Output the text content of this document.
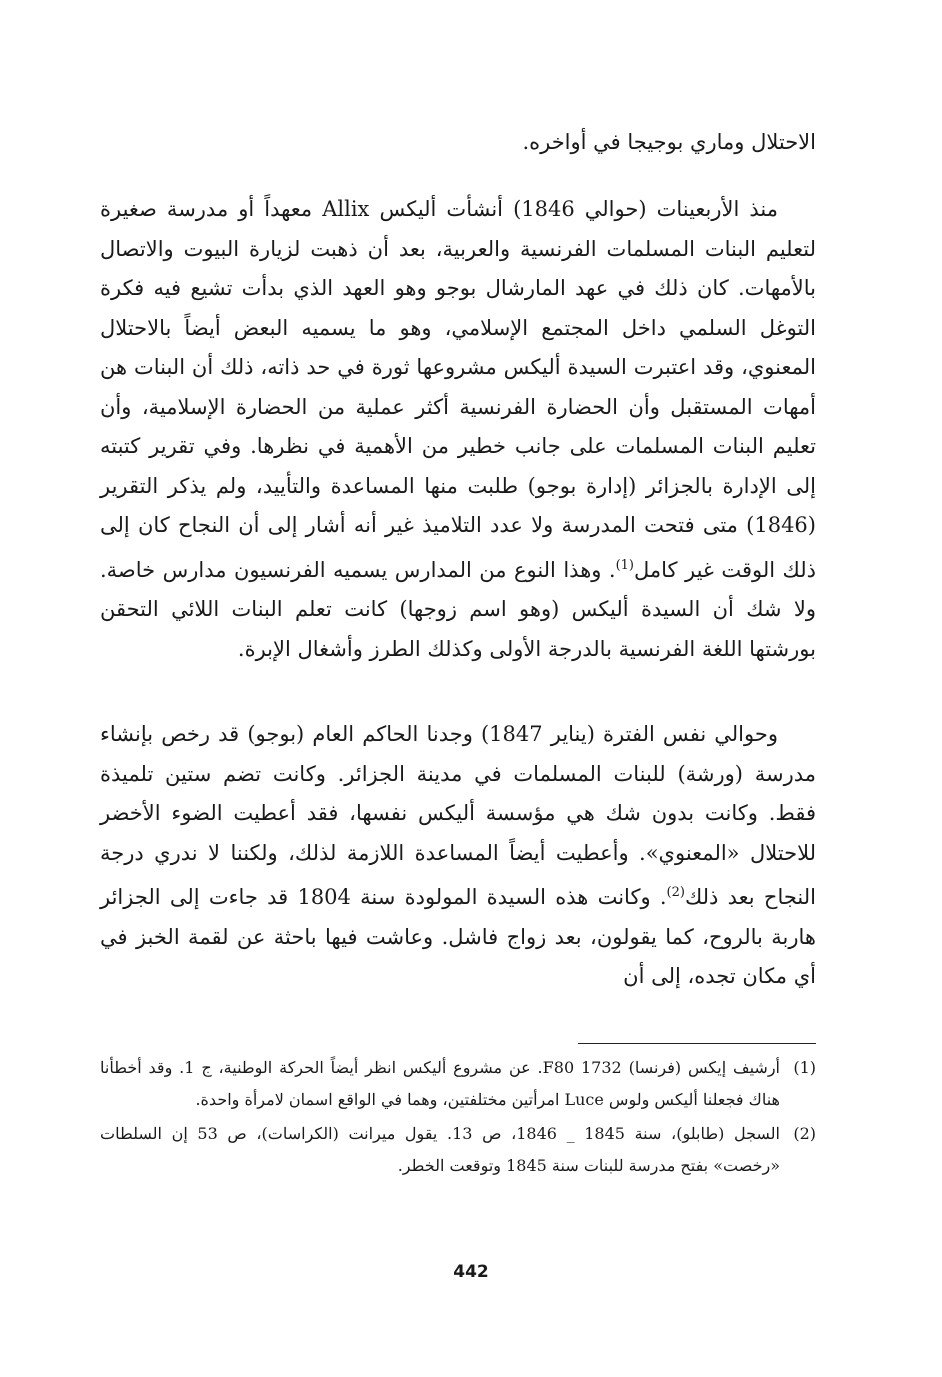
الاحتلال وماري بوجيجا في أواخره.

منذ الأربعينات (حوالي 1846) أنشأت أليكس Allix معهداً أو مدرسة صغيرة لتعليم البنات المسلمات الفرنسية والعربية، بعد أن ذهبت لزيارة البيوت والاتصال بالأمهات. كان ذلك في عهد المارشال بوجو وهو العهد الذي بدأت تشيع فيه فكرة التوغل السلمي داخل المجتمع الإسلامي، وهو ما يسميه البعض أيضاً بالاحتلال المعنوي، وقد اعتبرت السيدة أليكس مشروعها ثورة في حد ذاته، ذلك أن البنات هن أمهات المستقبل وأن الحضارة الفرنسية أكثر عملية من الحضارة الإسلامية، وأن تعليم البنات المسلمات على جانب خطير من الأهمية في نظرها. وفي تقرير كتبته إلى الإدارة بالجزائر (إدارة بوجو) طلبت منها المساعدة والتأييد، ولم يذكر التقرير (1846) متى فتحت المدرسة ولا عدد التلاميذ غير أنه أشار إلى أن النجاح كان إلى ذلك الوقت غير كامل$^{(1)}$. وهذا النوع من المدارس يسميه الفرنسيون مدارس خاصة. ولا شك أن السيدة أليكس (وهو اسم زوجها) كانت تعلم البنات اللائي التحقن بورشتها اللغة الفرنسية بالدرجة الأولى وكذلك الطرز وأشغال الإبرة.

وحوالي نفس الفترة (يناير 1847) وجدنا الحاكم العام (بوجو) قد رخص بإنشاء مدرسة (ورشة) للبنات المسلمات في مدينة الجزائر. وكانت تضم ستين تلميذة فقط. وكانت بدون شك هي مؤسسة أليكس نفسها، فقد أعطيت الضوء الأخضر للاحتلال «المعنوي». وأعطيت أيضاً المساعدة اللازمة لذلك، ولكننا لا ندري درجة النجاح بعد ذلك$^{(2)}$. وكانت هذه السيدة المولودة سنة 1804 قد جاءت إلى الجزائر هاربة بالروح، كما يقولون، بعد زواج فاشل. وعاشت فيها باحثة عن لقمة الخبز في أي مكان تجده، إلى أن

(1)
أرشيف إيكس (فرنسا) 1732 F80. عن مشروع أليكس انظر أيضاً الحركة الوطنية، ج 1. وقد أخطأنا هناك فجعلنا أليكس ولوس Luce امرأتين مختلفتين، وهما في الواقع اسمان لامرأة واحدة.
(2)
السجل (طابلو)، سنة 1845 _ 1846، ص 13. يقول ميرانت (الكراسات)، ص 53 إن السلطات «رخصت» بفتح مدرسة للبنات سنة 1845 وتوقعت الخطر.
442
